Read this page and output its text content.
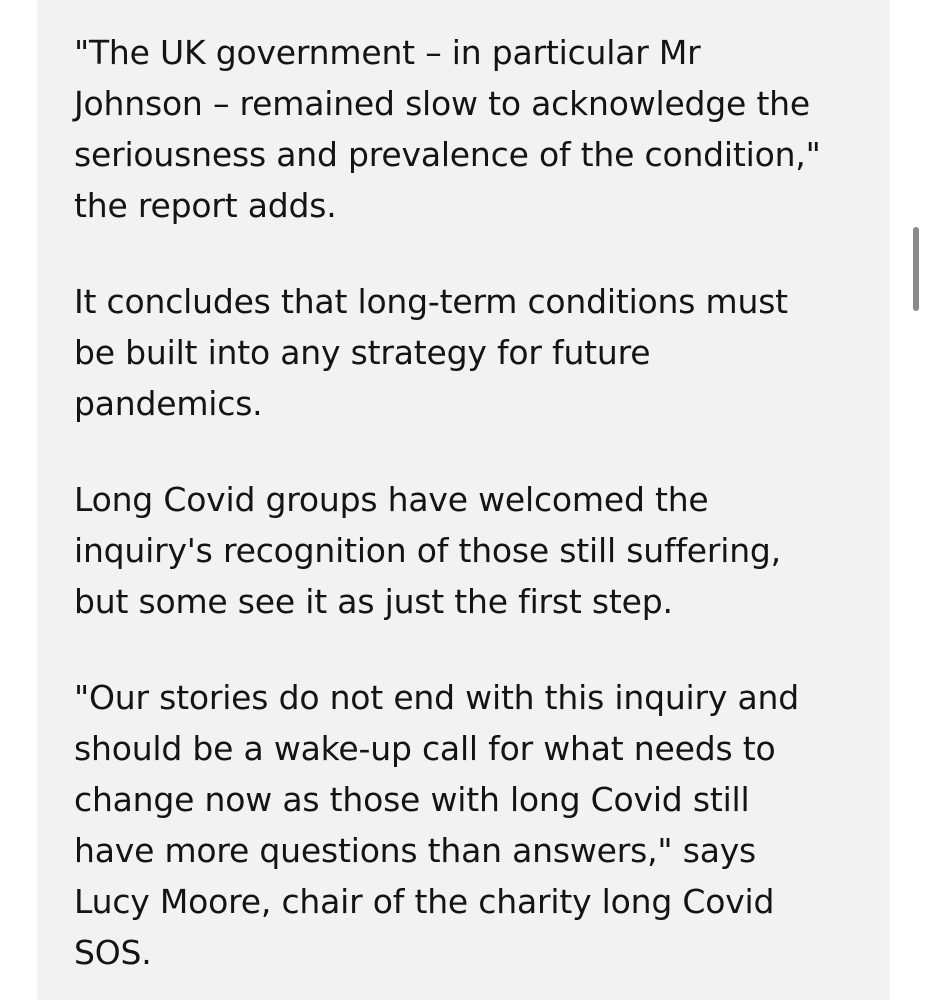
"The UK government – in particular Mr
Johnson – remained slow to acknowledge the
seriousness and prevalence of the condition,"
the report adds.

It concludes that long-term conditions must
be built into any strategy for future
pandemics.

Long Covid groups have welcomed the
inquiry's recognition of those still suffering,
but some see it as just the first step.

"Our stories do not end with this inquiry and
should be a wake-up call for what needs to
change now as those with long Covid still
have more questions than answers," says
Lucy Moore, chair of the charity long Covid
SOS.
